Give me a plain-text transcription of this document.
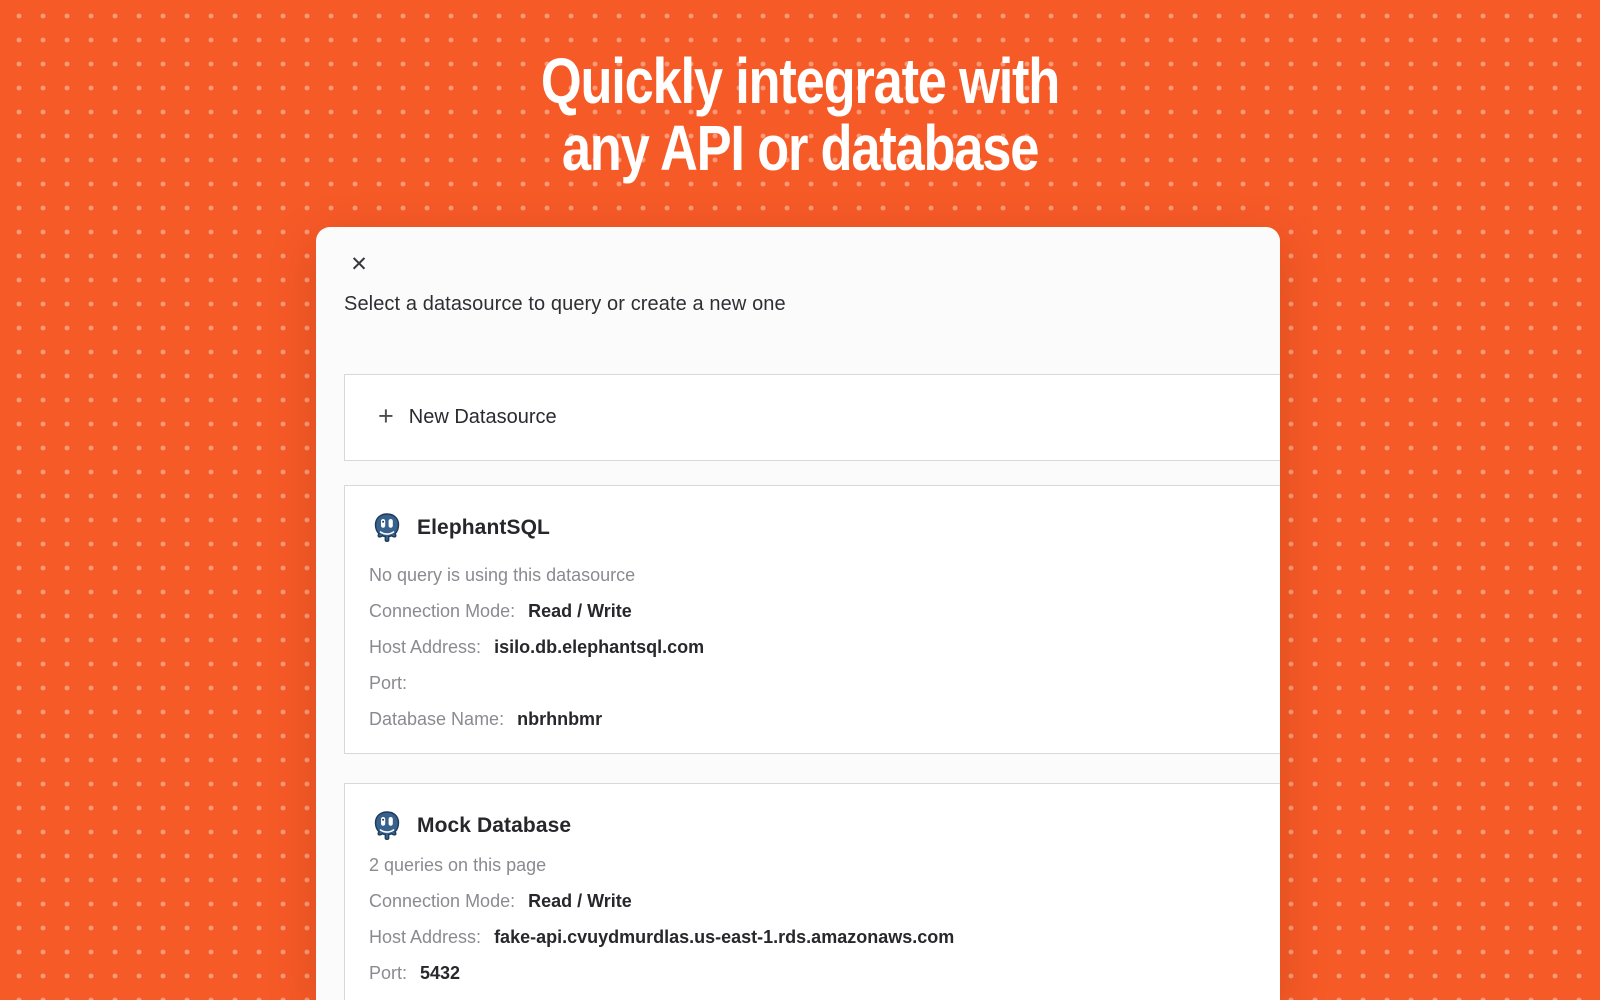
Quickly integrate with
any API or database
✕
Select a datasource to query or create a new one
+ New Datasource
ElephantSQL
No query is using this datasource
Connection Mode: Read / Write
Host Address: isilo.db.elephantsql.com
Port:
Database Name: nbrhnbmr
Mock Database
2 queries on this page
Connection Mode: Read / Write
Host Address: fake-api.cvuydmurdlas.us-east-1.rds.amazonaws.com
Port: 5432
